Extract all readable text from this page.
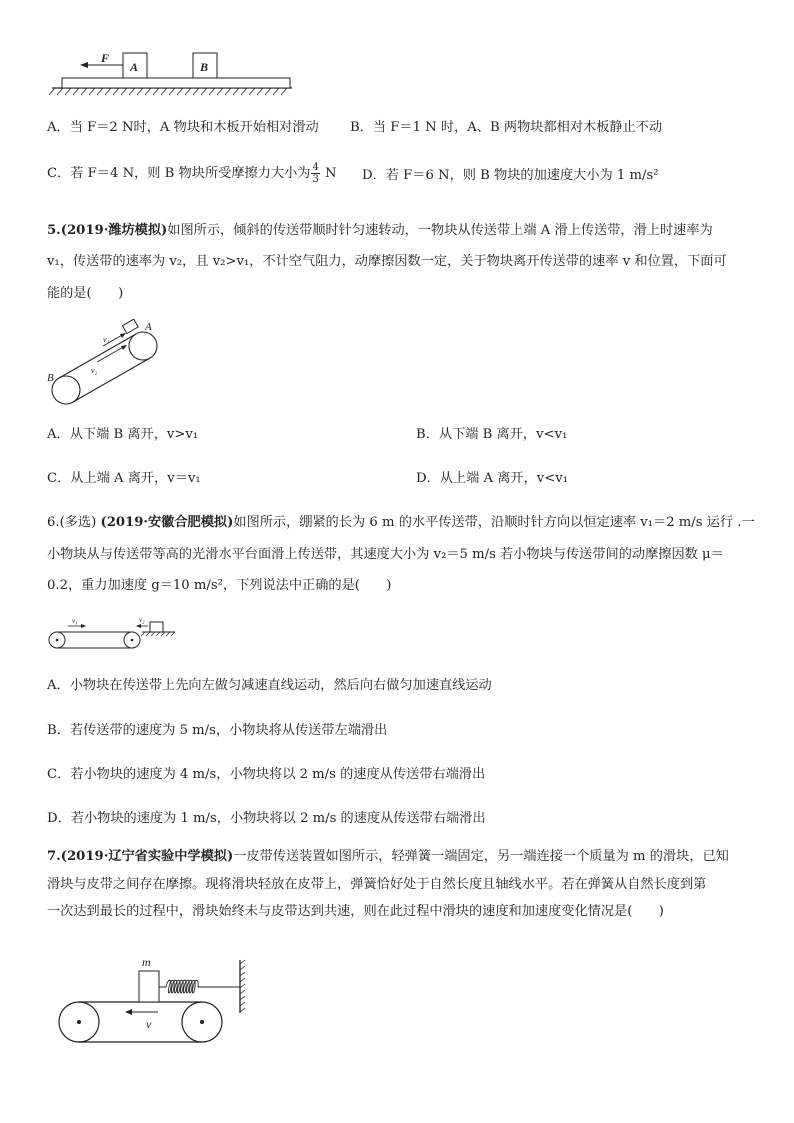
F
A	B
A．当 F＝2 N时，A 物块和木板开始相对滑动 B．当 F＝1 N 时，A、B 两物块都相对木板静止不动
C．若 F＝4 N，则 B 物块所受摩擦力大小为 $\frac{4}{3}$ N D．若 F＝6 N，则 B 物块的加速度大小为 1 m/s²
5.(2019·潍坊模拟)如图所示，倾斜的传送带顺时针匀速转动，一物块从传送带上端 A 滑上传送带，滑上时速率为
v₁，传送带的速率为 v₂，且 v₂>v₁，不计空气阻力，动摩擦因数一定，关于物块离开传送带的速率 v 和位置，下面可
能的是(　　)
A
B
v₁
v₂
A．从下端 B 离开，v>v₁	B．从下端 B 离开，v<v₁
C．从上端 A 离开，v＝v₁	D．从上端 A 离开，v<v₁
6.(多选) (2019·安徽合肥模拟)如图所示，绷紧的长为 6 m 的水平传送带，沿顺时针方向以恒定速率 v₁＝2 m/s 运行 .一
小物块从与传送带等高的光滑水平台面滑上传送带，其速度大小为 v₂＝5 m/s 若小物块与传送带间的动摩擦因数 μ＝
0.2，重力加速度 g＝10 m/s²，下列说法中正确的是(　　)
v₁	v₂
A．小物块在传送带上先向左做匀减速直线运动，然后向右做匀加速直线运动
B．若传送带的速度为 5 m/s，小物块将从传送带左端滑出
C．若小物块的速度为 4 m/s，小物块将以 2 m/s 的速度从传送带右端滑出
D．若小物块的速度为 1 m/s，小物块将以 2 m/s 的速度从传送带右端滑出
7.(2019·辽宁省实验中学模拟)一皮带传送装置如图所示，轻弹簧一端固定，另一端连接一个质量为 m 的滑块，已知
滑块与皮带之间存在摩擦。现将滑块轻放在皮带上，弹簧恰好处于自然长度且轴线水平。若在弹簧从自然长度到第
一次达到最长的过程中，滑块始终未与皮带达到共速，则在此过程中滑块的速度和加速度变化情况是(　　)
m
v
